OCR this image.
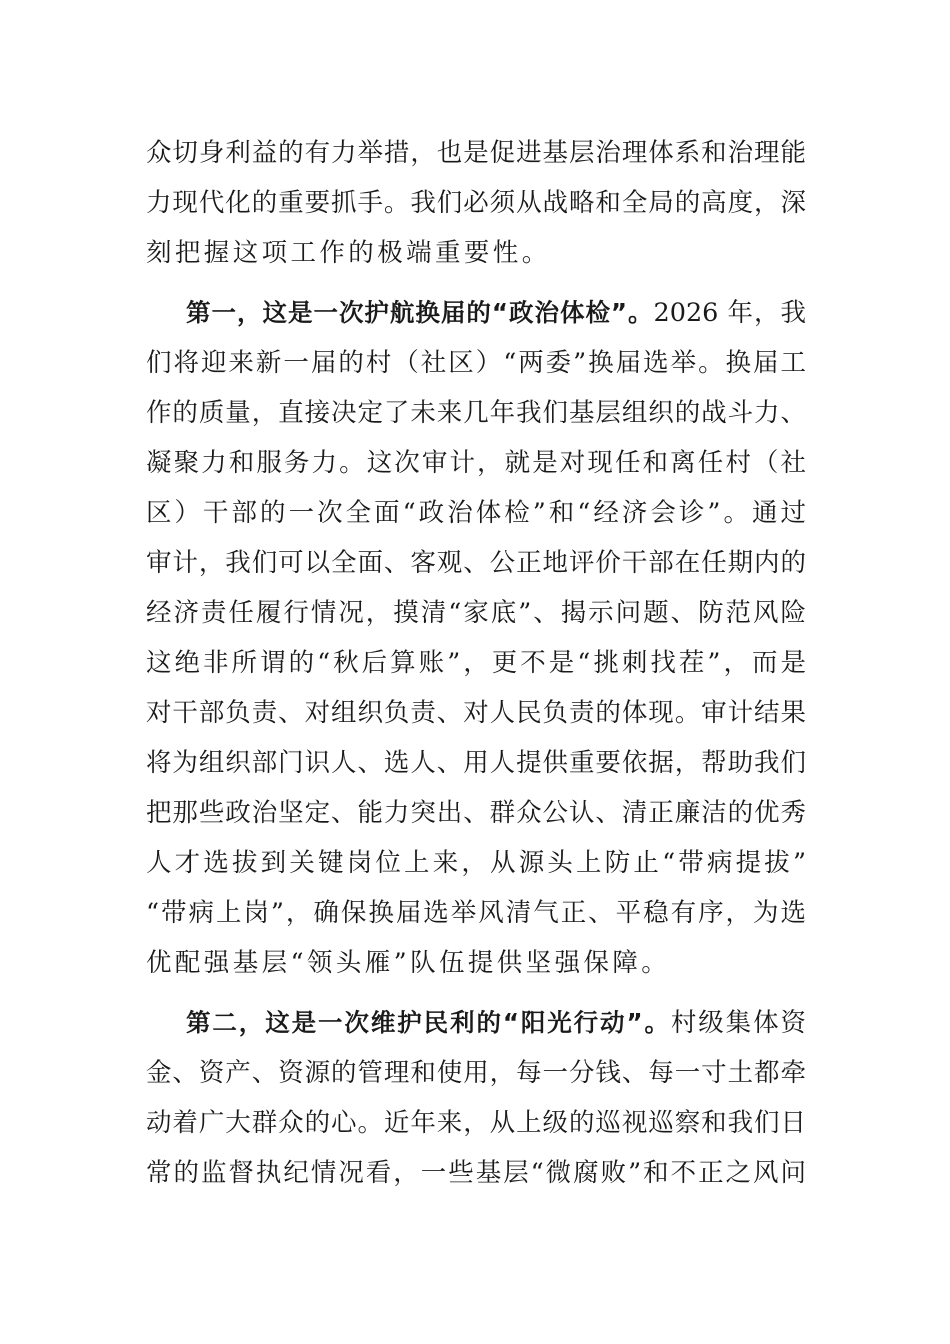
众切身利益的有力举措，也是促进基层治理体系和治理能
力现代化的重要抓手。我们必须从战略和全局的高度，深
刻把握这项工作的极端重要性。
第一，这是一次护航换届的“政治体检”。2026 年，我
们将迎来新一届的村（社区）“两委”换届选举。换届工
作的质量，直接决定了未来几年我们基层组织的战斗力、
凝聚力和服务力。这次审计，就是对现任和离任村（社
区）干部的一次全面“政治体检”和“经济会诊”。通过
审计，我们可以全面、客观、公正地评价干部在任期内的
经济责任履行情况，摸清“家底”、揭示问题、防范风险
这绝非所谓的“秋后算账”，更不是“挑刺找茬”，而是
对干部负责、对组织负责、对人民负责的体现。审计结果
将为组织部门识人、选人、用人提供重要依据，帮助我们
把那些政治坚定、能力突出、群众公认、清正廉洁的优秀
人才选拔到关键岗位上来，从源头上防止“带病提拔”
“带病上岗”，确保换届选举风清气正、平稳有序，为选
优配强基层“领头雁”队伍提供坚强保障。
第二，这是一次维护民利的“阳光行动”。村级集体资
金、资产、资源的管理和使用，每一分钱、每一寸土都牵
动着广大群众的心。近年来，从上级的巡视巡察和我们日
常的监督执纪情况看，一些基层“微腐败”和不正之风问
